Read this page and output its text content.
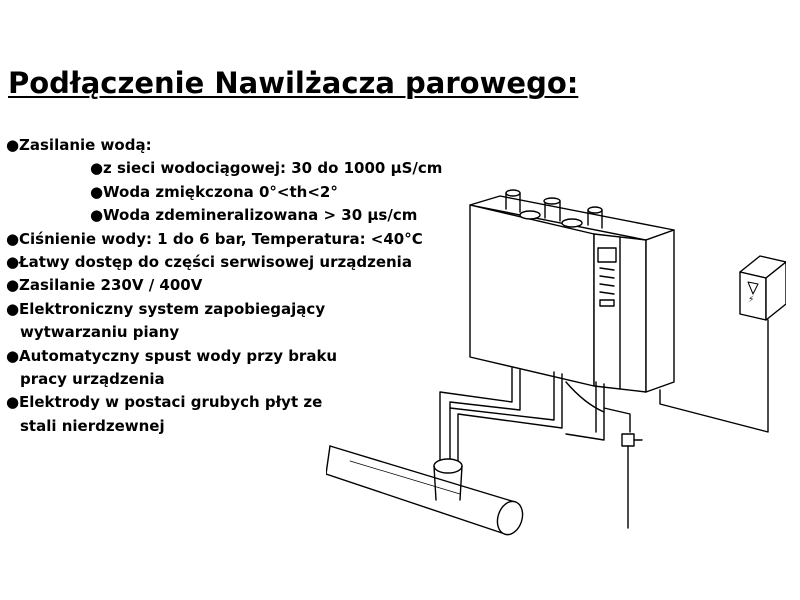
Podłączenie Nawilżacza parowego:
●Zasilanie wodą:
●z sieci wodociągowej: 30 do 1000 μS/cm
●Woda zmiękczona 0°<th<2°
●Woda zdemineralizowana > 30 μs/cm
●Ciśnienie wody: 1 do 6 bar, Temperatura: <40°C
●Łatwy dostęp do części serwisowej urządzenia
●Zasilanie 230V / 400V
●Elektroniczny system zapobiegający
wytwarzaniu piany
●Automatyczny spust wody przy braku
pracy urządzenia
●Elektrody w postaci grubych płyt ze
stali nierdzewnej
⚡
